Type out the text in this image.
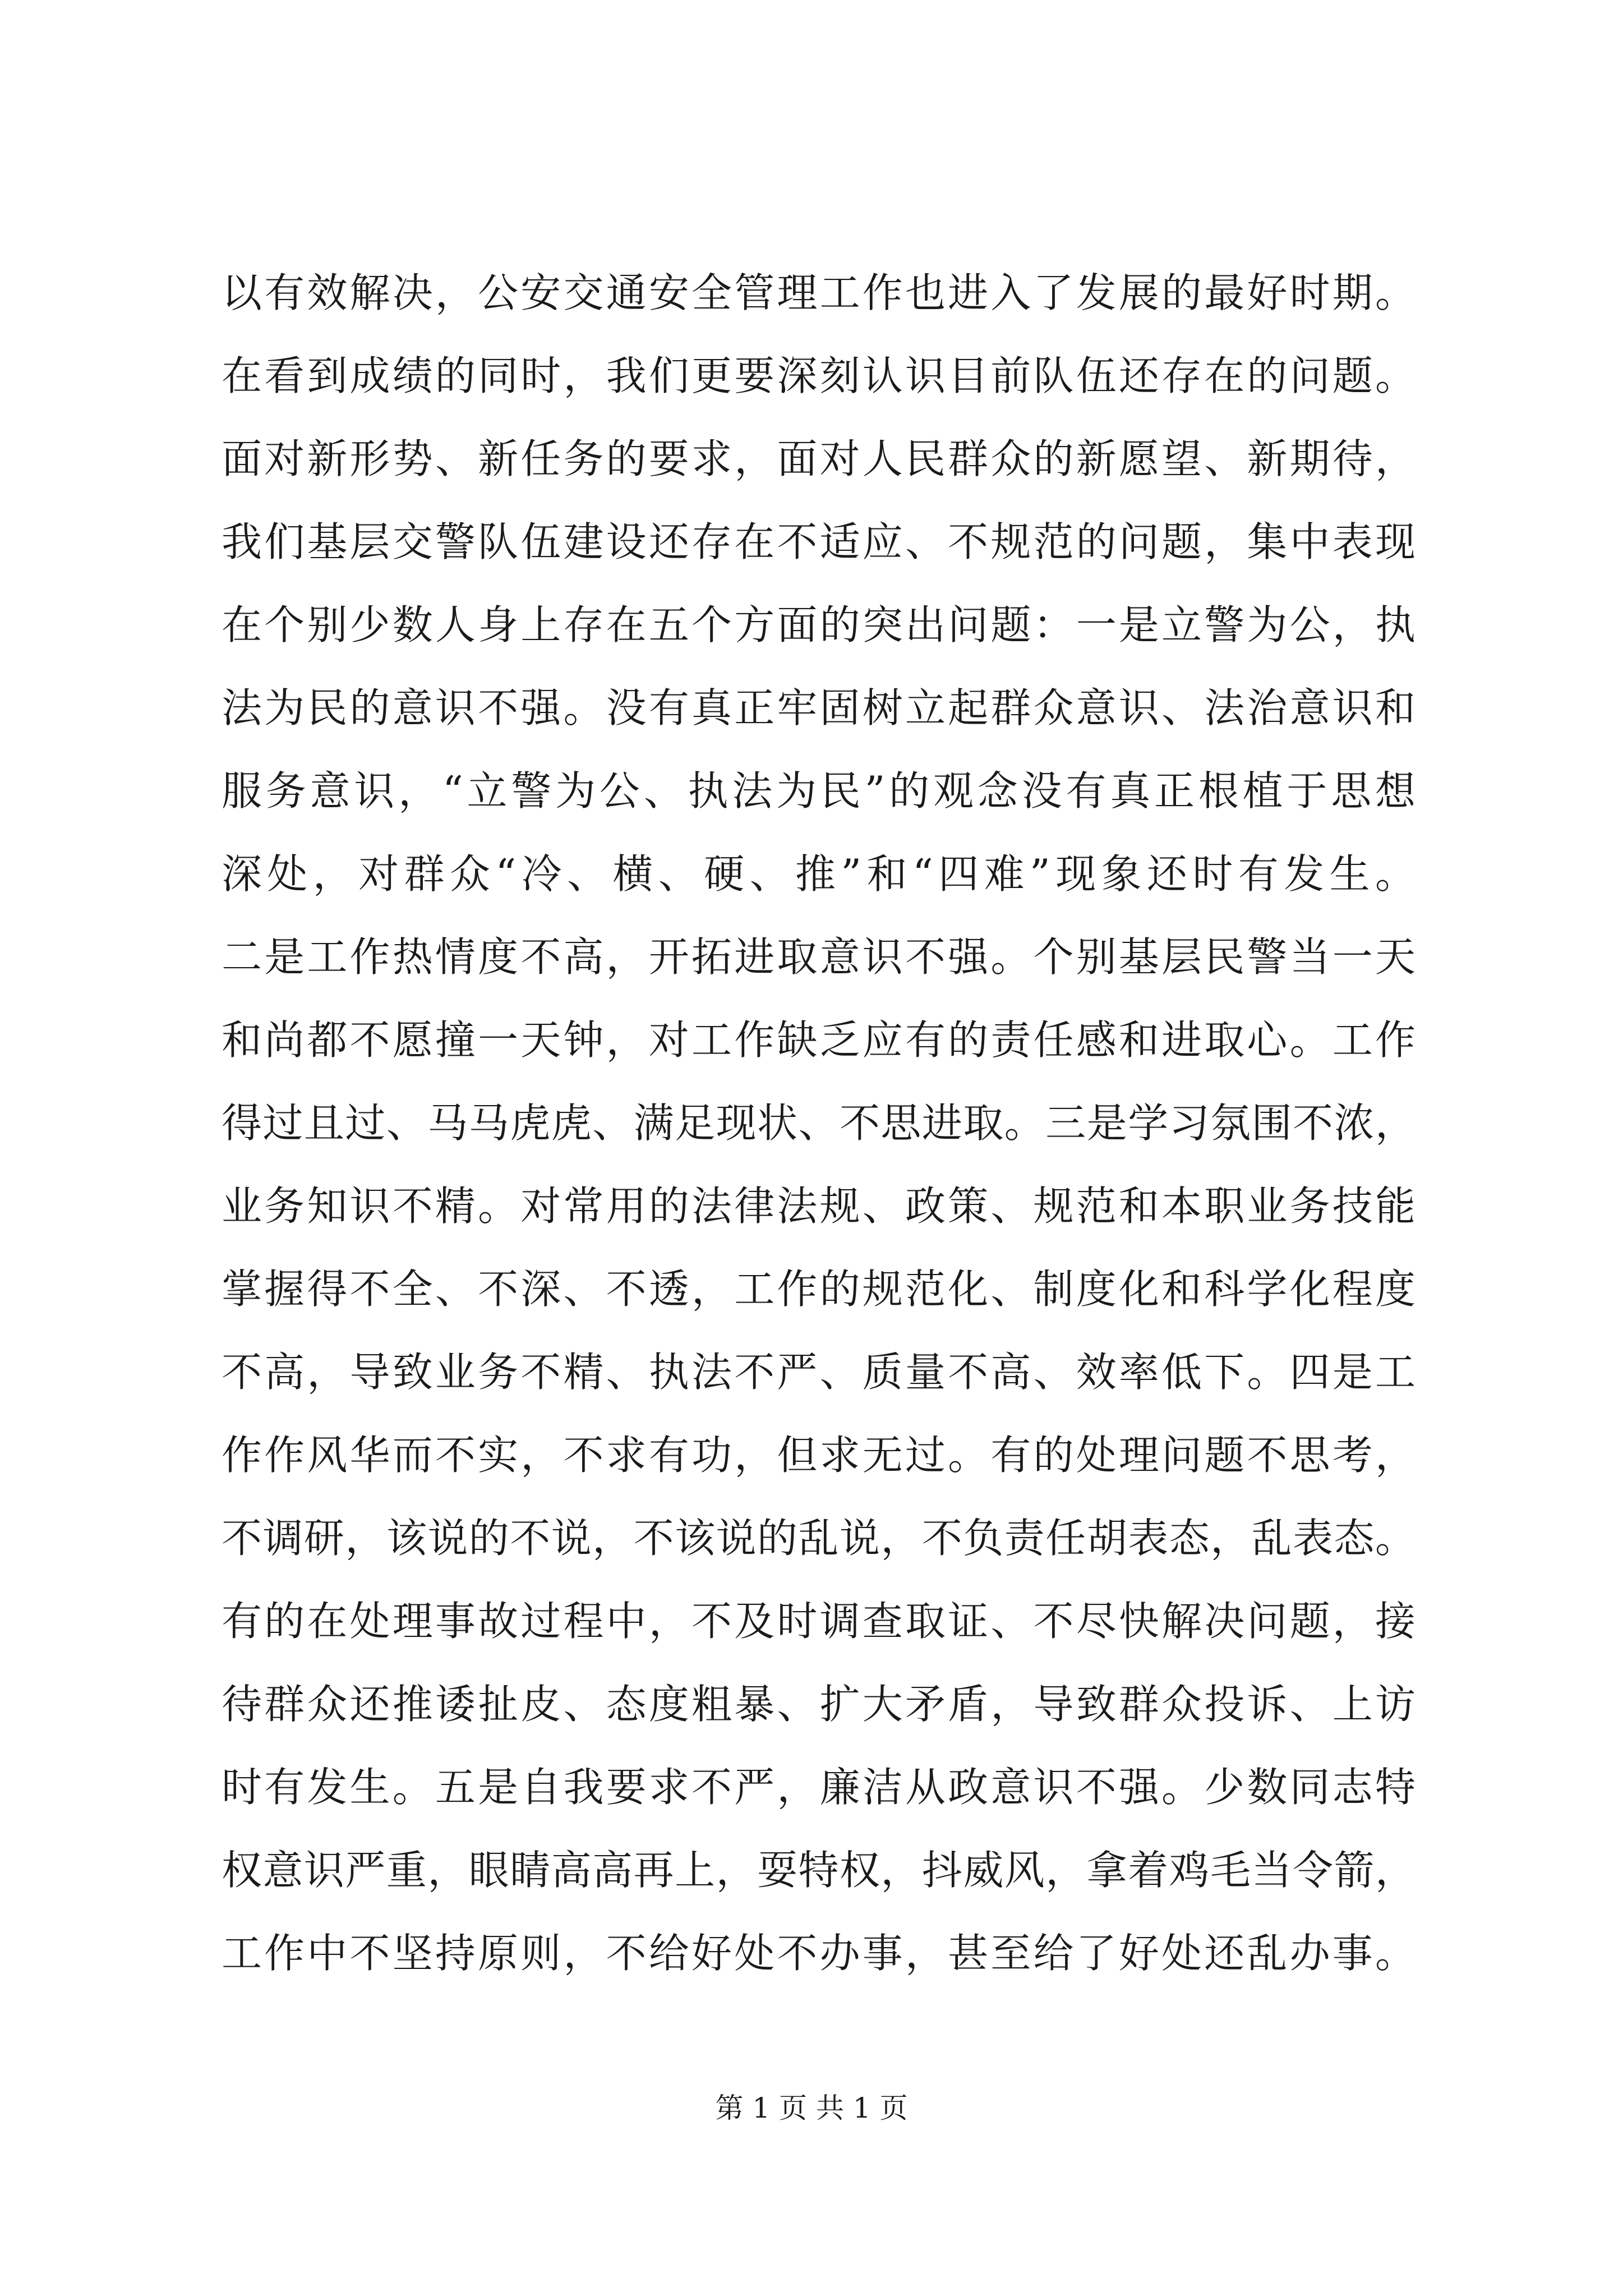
以有效解决，公安交通安全管理工作也进入了发展的最好时期。
在看到成绩的同时，我们更要深刻认识目前队伍还存在的问题。
面对新形势、新任务的要求，面对人民群众的新愿望、新期待，
我们基层交警队伍建设还存在不适应、不规范的问题，集中表现
在个别少数人身上存在五个方面的突出问题：一是立警为公，执
法为民的意识不强。没有真正牢固树立起群众意识、法治意识和
服务意识，“立警为公、执法为民”的观念没有真正根植于思想
深处，对群众“冷、横、硬、推”和“四难”现象还时有发生。
二是工作热情度不高，开拓进取意识不强。个别基层民警当一天
和尚都不愿撞一天钟，对工作缺乏应有的责任感和进取心。工作
得过且过、马马虎虎、满足现状、不思进取。三是学习氛围不浓，
业务知识不精。对常用的法律法规、政策、规范和本职业务技能
掌握得不全、不深、不透，工作的规范化、制度化和科学化程度
不高，导致业务不精、执法不严、质量不高、效率低下。四是工
作作风华而不实，不求有功，但求无过。有的处理问题不思考，
不调研，该说的不说，不该说的乱说，不负责任胡表态，乱表态。
有的在处理事故过程中，不及时调查取证、不尽快解决问题，接
待群众还推诿扯皮、态度粗暴、扩大矛盾，导致群众投诉、上访
时有发生。五是自我要求不严，廉洁从政意识不强。少数同志特
权意识严重，眼睛高高再上，耍特权，抖威风，拿着鸡毛当令箭，
工作中不坚持原则，不给好处不办事，甚至给了好处还乱办事。
第 1 页 共 1 页
